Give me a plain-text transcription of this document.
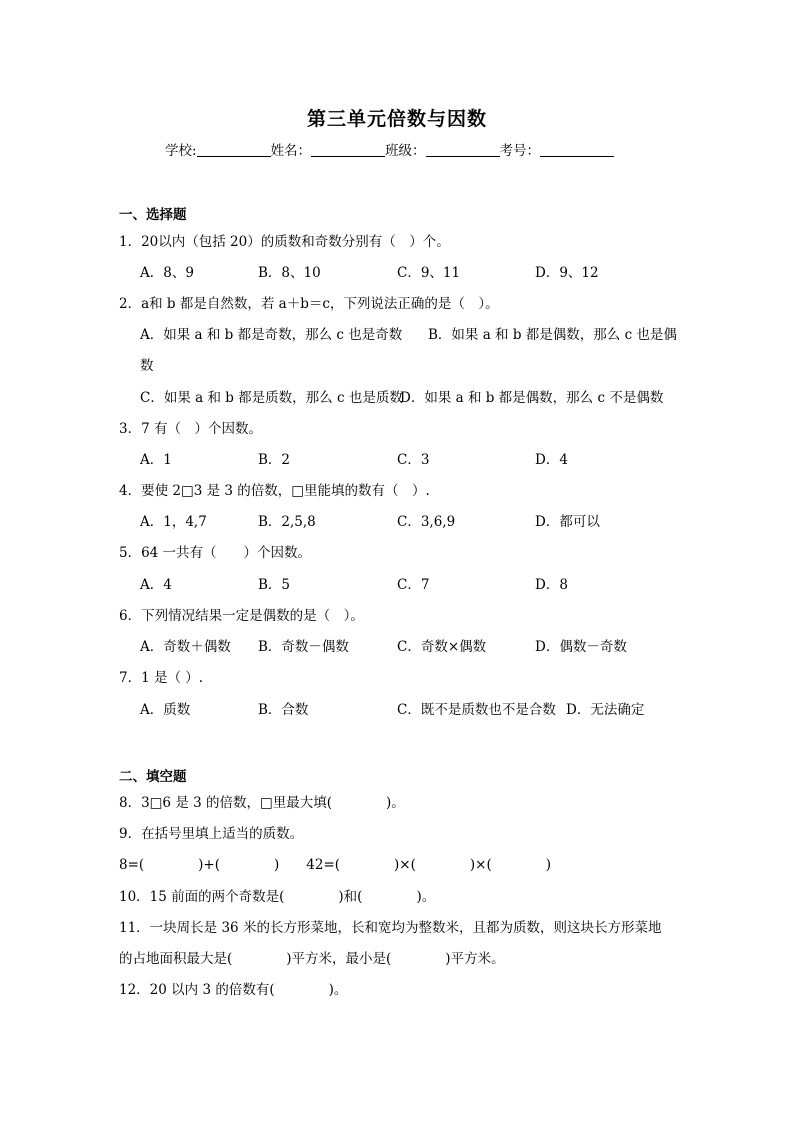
第三单元倍数与因数
学校:	姓名：	班级：	考号：
一、选择题
1．20以内（包括 20）的质数和奇数分别有（　）个。
A．8、9	B．8、10	C．9、11	D．9、12
2．a和 b 都是自然数，若 a＋b＝c，下列说法正确的是（　）。
A．如果 a 和 b 都是奇数，那么 c 也是奇数 B．如果 a 和 b 都是偶数，那么 c 也是偶
数
C．如果 a 和 b 都是质数，那么 c 也是质数
D．如果 a 和 b 都是偶数，那么 c 不是偶数
3．7 有（　）个因数。
A．1	B．2	C．3	D．4
4．要使 2□3 是 3 的倍数，□里能填的数有（　）.
A．1，4,7	B．2,5,8	C．3,6,9	D．都可以
5．64 一共有（　　）个因数。
A．4	B．5	C．7	D．8
6．下列情况结果一定是偶数的是（　）。
A．奇数＋偶数 B．奇数－偶数	C．奇数×偶数	D．偶数－奇数
7．1 是（ ）.
A．质数	B．合数	C．既不是质数也不是合数 D．无法确定
二、填空题
8．3□6 是 3 的倍数，□里最大填(　　　　)。
9．在括号里填上适当的质数。
8=(　　　　)+(　　　　)　　42=(　　　　)×(　　　　)×(　　　　)
10．15 前面的两个奇数是(　　　　)和(　　　　)。
11．一块周长是 36 米的长方形菜地，长和宽均为整数米，且都为质数，则这块长方形菜地
的占地面积最大是(　　　　)平方米，最小是(　　　　)平方米。
12．20 以内 3 的倍数有(　　　　)。
